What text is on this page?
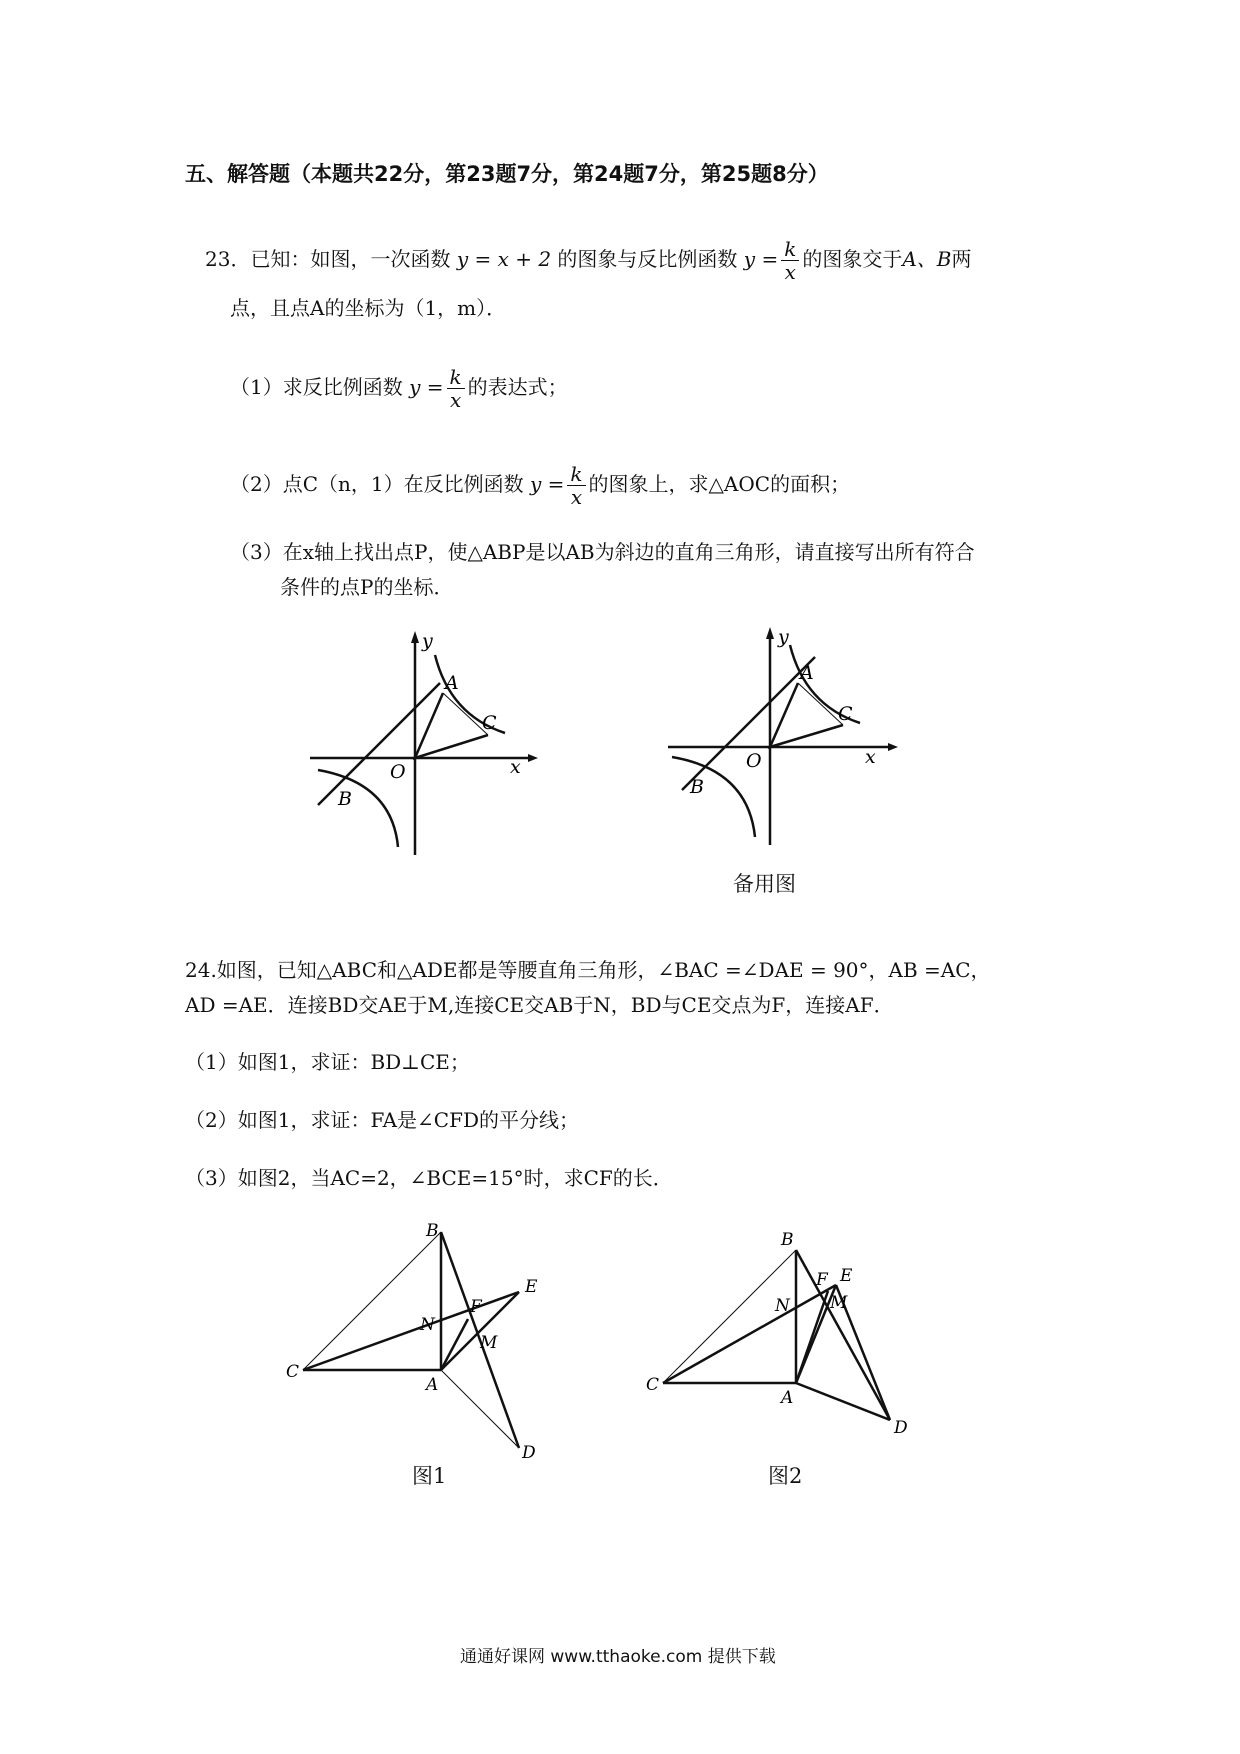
五、解答题（本题共22分，第23题7分，第24题7分，第25题8分）
23．已知：如图，一次函数 y = x + 2 的图象与反比例函数 $y = \frac{k}{x}$ 的图象交于A、B两
点，且点A的坐标为（1，m）．
（1）求反比例函数 $y = \frac{k}{x}$ 的表达式；
（2）点C（n，1）在反比例函数 $y = \frac{k}{x}$ 的图象上，求△AOC的面积；
（3）在x轴上找出点P，使△ABP是以AB为斜边的直角三角形，请直接写出所有符合
条件的点P的坐标．
y
x
A
C
O
B
y
x
A
C
O
B
备用图
24.如图，已知△ABC和△ADE都是等腰直角三角形，∠BAC =∠DAE = 90°，AB =AC，
AD =AE．连接BD交AE于M,连接CE交AB于N，BD与CE交点为F，连接AF．
（1）如图1，求证：BD⊥CE；
（2）如图1，求证：FA是∠CFD的平分线；
（3）如图2，当AC=2，∠BCE=15°时，求CF的长．
B
C
A
N
F
E
M
D
图1
B
C
A
N
F E
M
D
图2
通通好课网 www.tthaoke.com 提供下载
